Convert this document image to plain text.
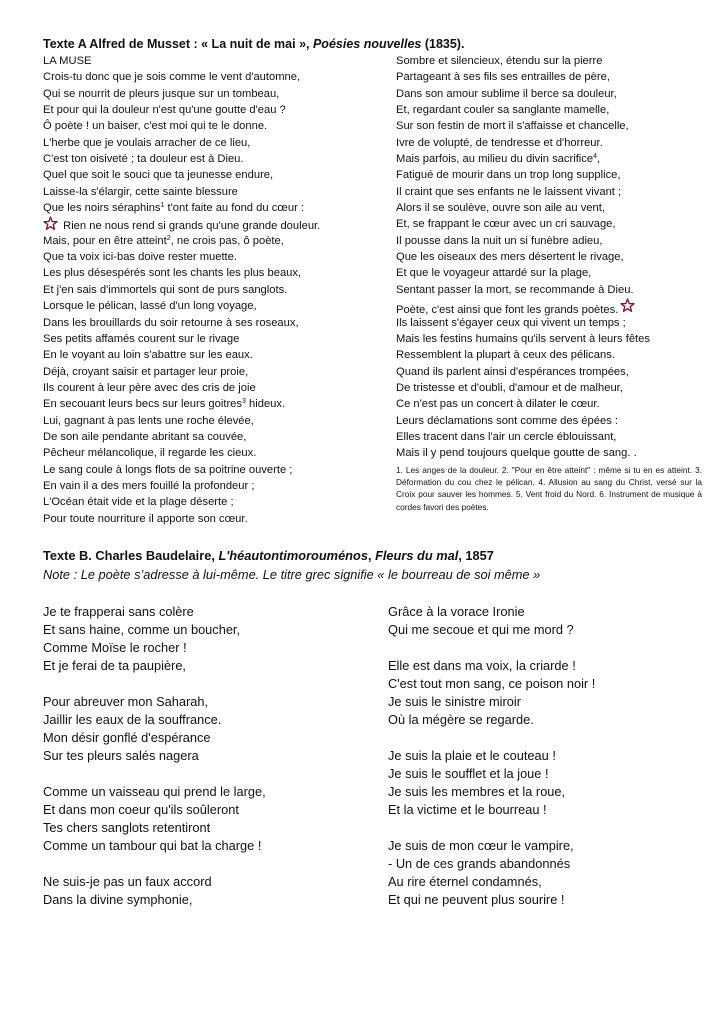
Texte A Alfred de Musset : « La nuit de mai », Poésies nouvelles (1835).
LA MUSE
Crois-tu donc que je sois comme le vent d'automne,
Qui se nourrit de pleurs jusque sur un tombeau,
Et pour qui la douleur n'est qu'une goutte d'eau ?
Ô poète ! un baiser, c'est moi qui te le donne.
L'herbe que je voulais arracher de ce lieu,
C'est ton oisiveté ; ta douleur est à Dieu.
Quel que soit le souci que ta jeunesse endure,
Laisse-la s'élargir, cette sainte blessure
Que les noirs séraphins$^1$ t'ont faite au fond du cœur :
Rien ne nous rend si grands qu'une grande douleur.
Mais, pour en être atteint$^2$, ne crois pas, ô poète,
Que ta voix ici-bas doive rester muette.
Les plus désespérés sont les chants les plus beaux,
Et j'en sais d'immortels qui sont de purs sanglots.
Lorsque le pélican, lassé d'un long voyage,
Dans les brouillards du soir retourne à ses roseaux,
Ses petits affamés courent sur le rivage
En le voyant au loin s'abattre sur les eaux.
Déjà, croyant saisir et partager leur proie,
Ils courent à leur père avec des cris de joie
En secouant leurs becs sur leurs goitres$^3$ hideux.
Lui, gagnant à pas lents une roche élevée,
De son aile pendante abritant sa couvée,
Pêcheur mélancolique, il regarde les cieux.
Le sang coule à longs flots de sa poitrine ouverte ;
En vain il a des mers fouillé la profondeur ;
L'Océan était vide et la plage déserte ;
Pour toute nourriture il apporte son cœur.
Sombre et silencieux, étendu sur la pierre
Partageant à ses fils ses entrailles de père,
Dans son amour sublime il berce sa douleur,
Et, regardant couler sa sanglante mamelle,
Sur son festin de mort il s'affaisse et chancelle,
Ivre de volupté, de tendresse et d'horreur.
Mais parfois, au milieu du divin sacrifice$^4$,
Fatigué de mourir dans un trop long supplice,
Il craint que ses enfants ne le laissent vivant ;
Alors il se soulève, ouvre son aile au vent,
Et, se frappant le cœur avec un cri sauvage,
Il pousse dans la nuit un si funèbre adieu,
Que les oiseaux des mers désertent le rivage,
Et que le voyageur attardé sur la plage,
Sentant passer la mort, se recommande à Dieu.
Poète, c'est ainsi que font les grands poètes.
Ils laissent s'égayer ceux qui vivent un temps ;
Mais les festins humains qu'ils servent à leurs fêtes
Ressemblent la plupart à ceux des pélicans.
Quand ils parlent ainsi d'espérances trompées,
De tristesse et d'oubli, d'amour et de malheur,
Ce n'est pas un concert à dilater le cœur.
Leurs déclamations sont comme des épées :
Elles tracent dans l'air un cercle éblouissant,
Mais il y pend toujours quelque goutte de sang. .
1. Les anges de la douleur. 2. "Pour en être atteint" : même si tu en es atteint. 3. Déformation du cou chez le pélican. 4. Allusion au sang du Christ, versé sur la Croix pour sauver les hommes. 5. Vent froid du Nord. 6. Instrument de musique à cordes favori des poètes.
Texte B. Charles Baudelaire, L'héautontimorouménos, Fleurs du mal, 1857
Note : Le poète s’adresse à lui-même. Le titre grec signifie « le bourreau de soi même »
Je te frapperai sans colère
Et sans haine, comme un boucher,
Comme Moïse le rocher !
Et je ferai de ta paupière,
Pour abreuver mon Saharah,
Jaillir les eaux de la souffrance.
Mon désir gonflé d'espérance
Sur tes pleurs salés nagera
Comme un vaisseau qui prend le large,
Et dans mon coeur qu'ils soûleront
Tes chers sanglots retentiront
Comme un tambour qui bat la charge !
Ne suis-je pas un faux accord
Dans la divine symphonie,
Grâce à la vorace Ironie
Qui me secoue et qui me mord ?
Elle est dans ma voix, la criarde !
C'est tout mon sang, ce poison noir !
Je suis le sinistre miroir
Où la mégère se regarde.
Je suis la plaie et le couteau !
Je suis le soufflet et la joue !
Je suis les membres et la roue,
Et la victime et le bourreau !
Je suis de mon cœur le vampire,
- Un de ces grands abandonnés
Au rire éternel condamnés,
Et qui ne peuvent plus sourire !
